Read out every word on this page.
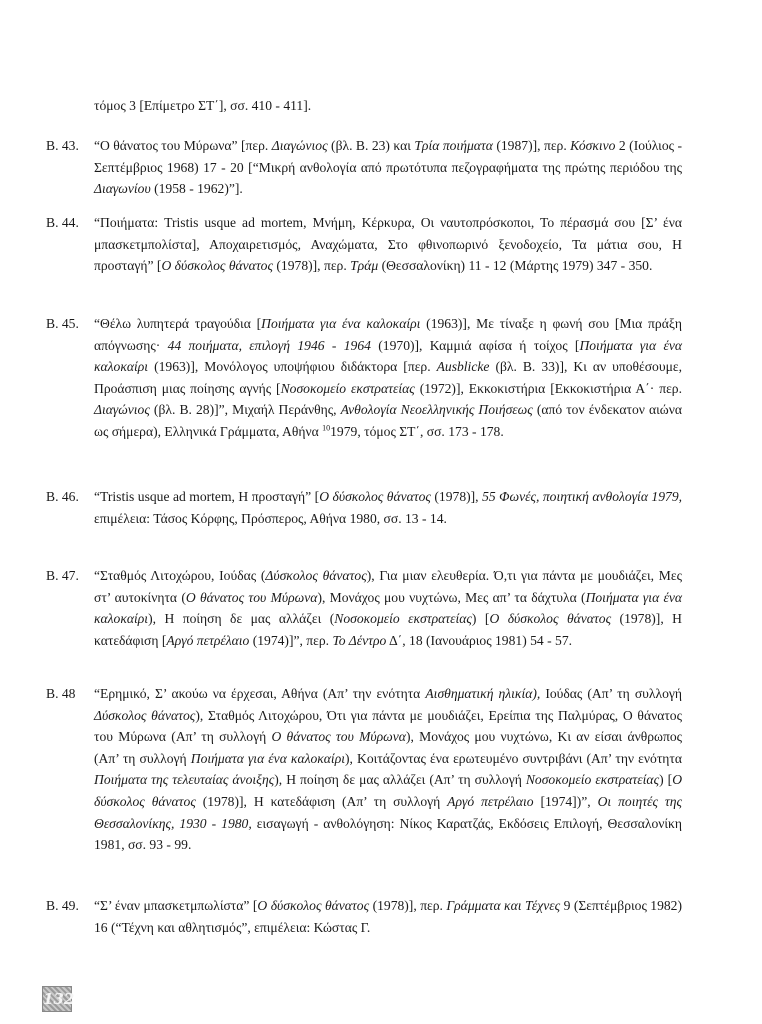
τόμος 3 [Επίμετρο ΣΤ΄], σσ. 410 - 411].

B. 43.	“Ο θάνατος του Μύρωνα” [περ. Διαγώνιος (βλ. Β. 23) και Τρία ποιήματα (1987)], περ. Κόσκινο 2 (Ιούλιος - Σεπτέμβριος 1968) 17 - 20 [“Μικρή ανθολογία από πρωτότυπα πεζογραφήματα της πρώτης περιόδου της Διαγωνίου (1958 - 1962)”].

B. 44.	“Ποιήματα: Tristis usque ad mortem, Μνήμη, Κέρκυρα, Οι ναυτοπρόσκοποι, Το πέρασμά σου [Σ’ ένα μπασκετμπολίστα], Αποχαιρετισμός, Αναχώματα, Στο φθινοπωρινό ξενοδοχείο, Τα μάτια σου, Η προσταγή” [Ο δύσκολος θάνατος (1978)], περ. Τράμ (Θεσσαλονίκη) 11 - 12 (Μάρτης 1979) 347 - 350.

B. 45.	“Θέλω λυπητερά τραγούδια [Ποιήματα για ένα καλοκαίρι (1963)], Με τίναξε η φωνή σου [Μια πράξη απόγνωσης· 44 ποιήματα, επιλογή 1946 - 1964 (1970)], Καμμιά αφίσα ή τοίχος [Ποιήματα για ένα καλοκαίρι (1963)], Μονόλογος υποψήφιου διδάκτορα [περ. Ausblicke (βλ. Β. 33)], Κι αν υποθέσουμε, Προάσπιση μιας ποίησης αγνής [Νοσοκομείο εκστρατείας (1972)], Εκκοκιστήρια [Εκκοκιστήρια Α΄· περ. Διαγώνιος (βλ. Β. 28)]”, Μιχαήλ Περάνθης, Ανθολογία Νεοελληνικής Ποιήσεως (από τον ένδεκατον αιώνα ως σήμερα), Ελληνικά Γράμματα, Αθήνα $^{10}$1979, τόμος ΣΤ΄, σσ. 173 - 178.

B. 46.	“Tristis usque ad mortem, Η προσταγή” [Ο δύσκολος θάνατος (1978)], 55 Φωνές, ποιητική ανθολογία 1979, επιμέλεια: Τάσος Κόρφης, Πρόσπερος, Αθήνα 1980, σσ. 13 - 14.

B. 47.	“Σταθμός Λιτοχώρου, Ιούδας (Δύσκολος θάνατος), Για μιαν ελευθερία. Ό,τι για πάντα με μουδιάζει, Μες στ’ αυτοκίνητα (Ο θάνατος του Μύρωνα), Μονάχος μου νυχτώνω, Μες απ’ τα δάχτυλα (Ποιήματα για ένα καλοκαίρι), Η ποίηση δε μας αλλάζει (Νοσοκομείο εκστρατείας) [Ο δύσκολος θάνατος (1978)], Η κατεδάφιση [Αργό πετρέλαιο (1974)]”, περ. Το Δέντρο Δ΄, 18 (Ιανουάριος 1981) 54 - 57.

B. 48	“Ερημικό, Σ’ ακούω να έρχεσαι, Αθήνα (Απ’ την ενότητα Αισθηματική ηλικία), Ιούδας (Απ’ τη συλλογή Δύσκολος θάνατος), Σταθμός Λιτοχώρου, Ότι για πάντα με μουδιάζει, Ερείπια της Παλμύρας, Ο θάνατος του Μύρωνα (Απ’ τη συλλογή Ο θάνατος του Μύρωνα), Μονάχος μου νυχτώνω, Κι αν είσαι άνθρωπος (Απ’ τη συλλογή Ποιήματα για ένα καλοκαίρι), Κοιτάζοντας ένα ερωτευμένο συντριβάνι (Απ’ την ενότητα Ποιήματα της τελευταίας άνοιξης), Η ποίηση δε μας αλλάζει (Απ’ τη συλλογή Νοσοκομείο εκστρατείας) [Ο δύσκολος θάνατος (1978)], Η κατεδάφιση (Απ’ τη συλλογή Αργό πετρέλαιο [1974])”, Οι ποιητές της Θεσσαλονίκης, 1930 - 1980, εισαγωγή - ανθολόγηση: Νίκος Καρατζάς, Εκδόσεις Επιλογή, Θεσσαλονίκη 1981, σσ. 93 - 99.

B. 49.	“Σ’ έναν μπασκετμπωλίστα” [Ο δύσκολος θάνατος (1978)], περ. Γράμματα και Τέχνες 9 (Σεπτέμβριος 1982) 16 (“Τέχνη και αθλητισμός”, επιμέλεια: Κώστας Γ.

132
